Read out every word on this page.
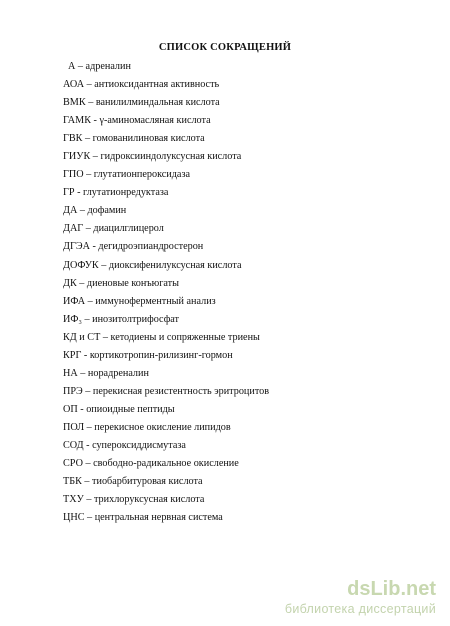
СПИСОК СОКРАЩЕНИЙ
А – адреналин
АОА – антиоксидантная активность
ВМК – ванилилминдальная кислота
ГАМК - γ-аминомасляная кислота
ГВК – гомованилиновая кислота
ГИУК – гидроксииндолуксусная кислота
ГПО – глутатионпероксидаза
ГР - глутатионредуктаза
ДА – дофамин
ДАГ – диацилглицерол
ДГЭА - дегидроэпиандростерон
ДОФУК – диоксифенилуксусная кислота
ДК – диеновые конъюгаты
ИФА – иммуноферментный анализ
ИФ₃ – инозитолтрифосфат
КД и СТ – кетодиены и сопряженные триены
КРГ - кортикотропин-рилизинг-гормон
НА – норадреналин
ПРЭ – перекисная резистентность эритроцитов
ОП - опиоидные пептиды
ПОЛ – перекисное окисление липидов
СОД - супероксиддисмутаза
СРО – свободно-радикальное окисление
ТБК – тиобарбитуровая кислота
ТХУ – трихлоруксусная кислота
ЦНС – центральная нервная система
dsLib.net
библиотека диссертаций
